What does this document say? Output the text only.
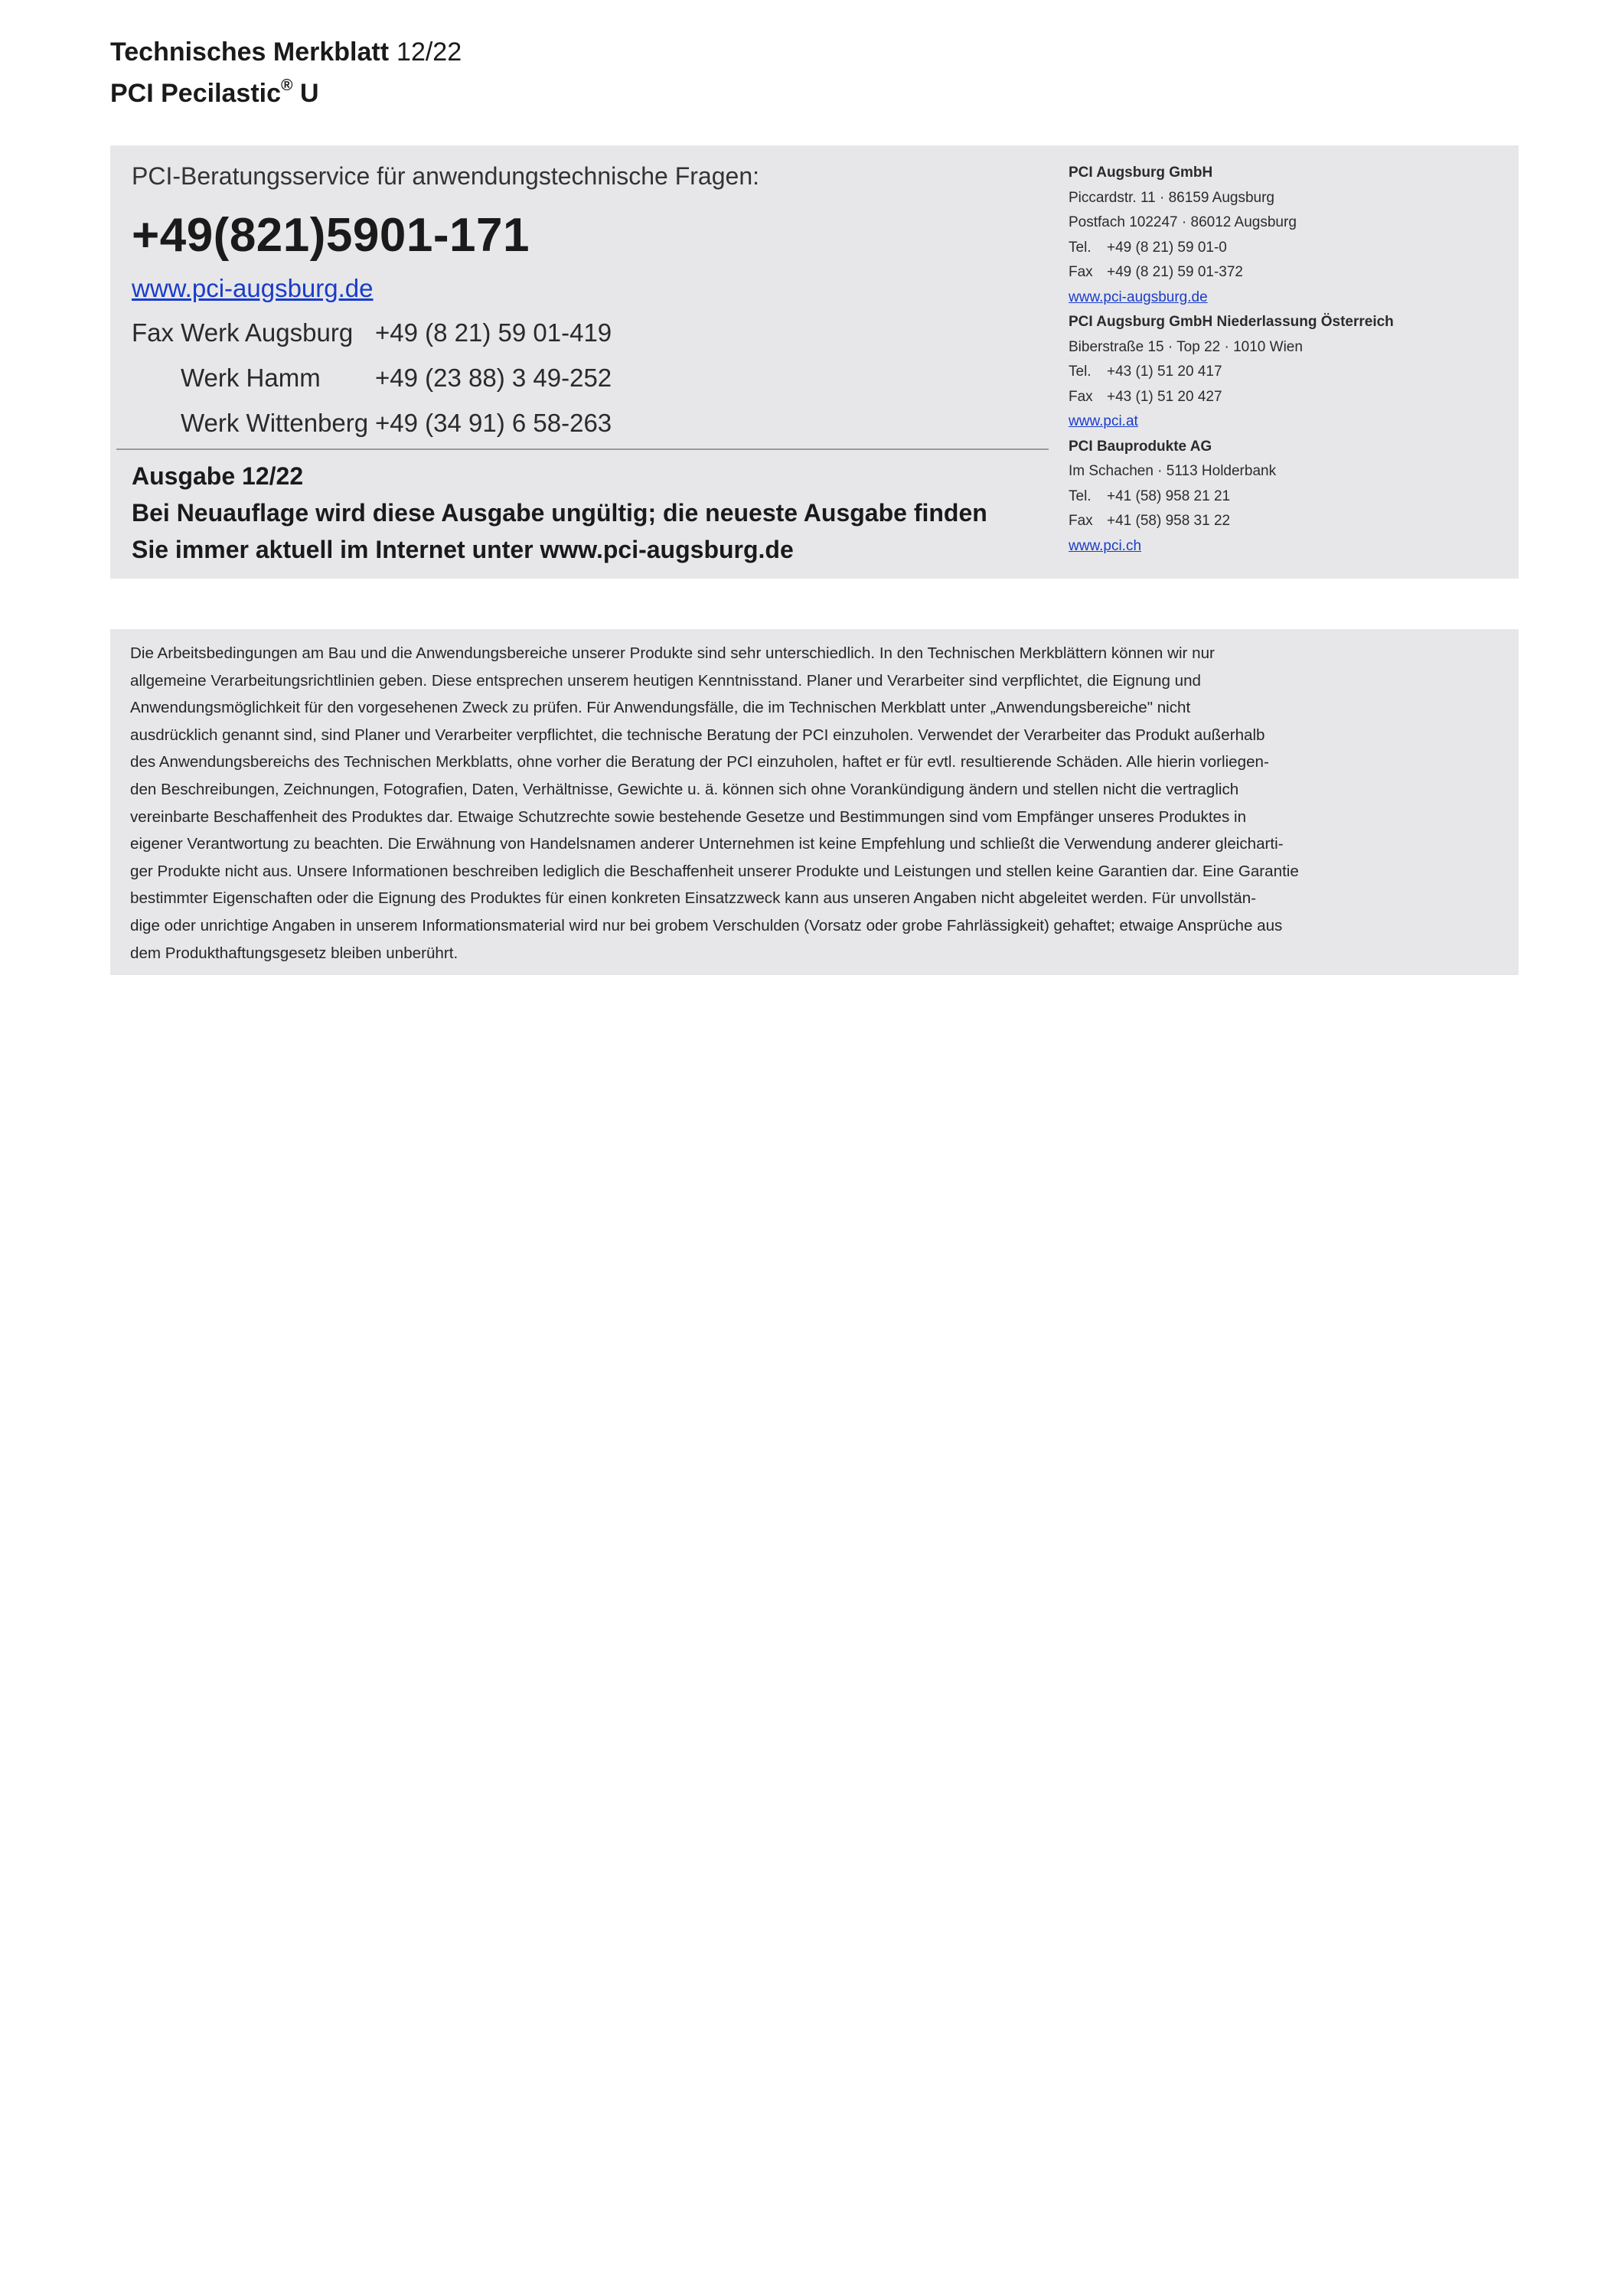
Technisches Merkblatt 12/22
PCI Pecilastic® U
PCI-Beratungsservice für anwendungstechnische Fragen:
+49(821)5901-171
www.pci-augsburg.de
Fax Werk Augsburg +49 (8 21) 59 01-419
Werk Hamm +49 (23 88) 3 49-252
Werk Wittenberg +49 (34 91) 6 58-263
Ausgabe 12/22
Bei Neuauflage wird diese Ausgabe ungültig; die neueste Ausgabe finden
Sie immer aktuell im Internet unter www.pci-augsburg.de
PCI Augsburg GmbH
Piccardstr. 11 · 86159 Augsburg
Postfach 102247 · 86012 Augsburg
Tel. +49 (8 21) 59 01-0
Fax +49 (8 21) 59 01-372
www.pci-augsburg.de
PCI Augsburg GmbH Niederlassung Österreich
Biberstraße 15 · Top 22 · 1010 Wien
Tel. +43 (1) 51 20 417
Fax +43 (1) 51 20 427
www.pci.at
PCI Bauprodukte AG
Im Schachen · 5113 Holderbank
Tel. +41 (58) 958 21 21
Fax +41 (58) 958 31 22
www.pci.ch

Die Arbeitsbedingungen am Bau und die Anwendungsbereiche unserer Produkte sind sehr unterschiedlich. In den Technischen Merkblättern können wir nur
allgemeine Verarbeitungsrichtlinien geben. Diese entsprechen unserem heutigen Kenntnisstand. Planer und Verarbeiter sind verpflichtet, die Eignung und
Anwendungsmöglichkeit für den vorgesehenen Zweck zu prüfen. Für Anwendungsfälle, die im Technischen Merkblatt unter „Anwendungsbereiche" nicht
ausdrücklich genannt sind, sind Planer und Verarbeiter verpflichtet, die technische Beratung der PCI einzuholen. Verwendet der Verarbeiter das Produkt außerhalb
des Anwendungsbereichs des Technischen Merkblatts, ohne vorher die Beratung der PCI einzuholen, haftet er für evtl. resultierende Schäden. Alle hierin vorliegen-
den Beschreibungen, Zeichnungen, Fotografien, Daten, Verhältnisse, Gewichte u. ä. können sich ohne Vorankündigung ändern und stellen nicht die vertraglich
vereinbarte Beschaffenheit des Produktes dar. Etwaige Schutzrechte sowie bestehende Gesetze und Bestimmungen sind vom Empfänger unseres Produktes in
eigener Verantwortung zu beachten. Die Erwähnung von Handelsnamen anderer Unternehmen ist keine Empfehlung und schließt die Verwendung anderer gleicharti-
ger Produkte nicht aus. Unsere Informationen beschreiben lediglich die Beschaffenheit unserer Produkte und Leistungen und stellen keine Garantien dar. Eine Garantie
bestimmter Eigenschaften oder die Eignung des Produktes für einen konkreten Einsatzzweck kann aus unseren Angaben nicht abgeleitet werden. Für unvollstän-
dige oder unrichtige Angaben in unserem Informationsmaterial wird nur bei grobem Verschulden (Vorsatz oder grobe Fahrlässigkeit) gehaftet; etwaige Ansprüche aus
dem Produkthaftungsgesetz bleiben unberührt.
